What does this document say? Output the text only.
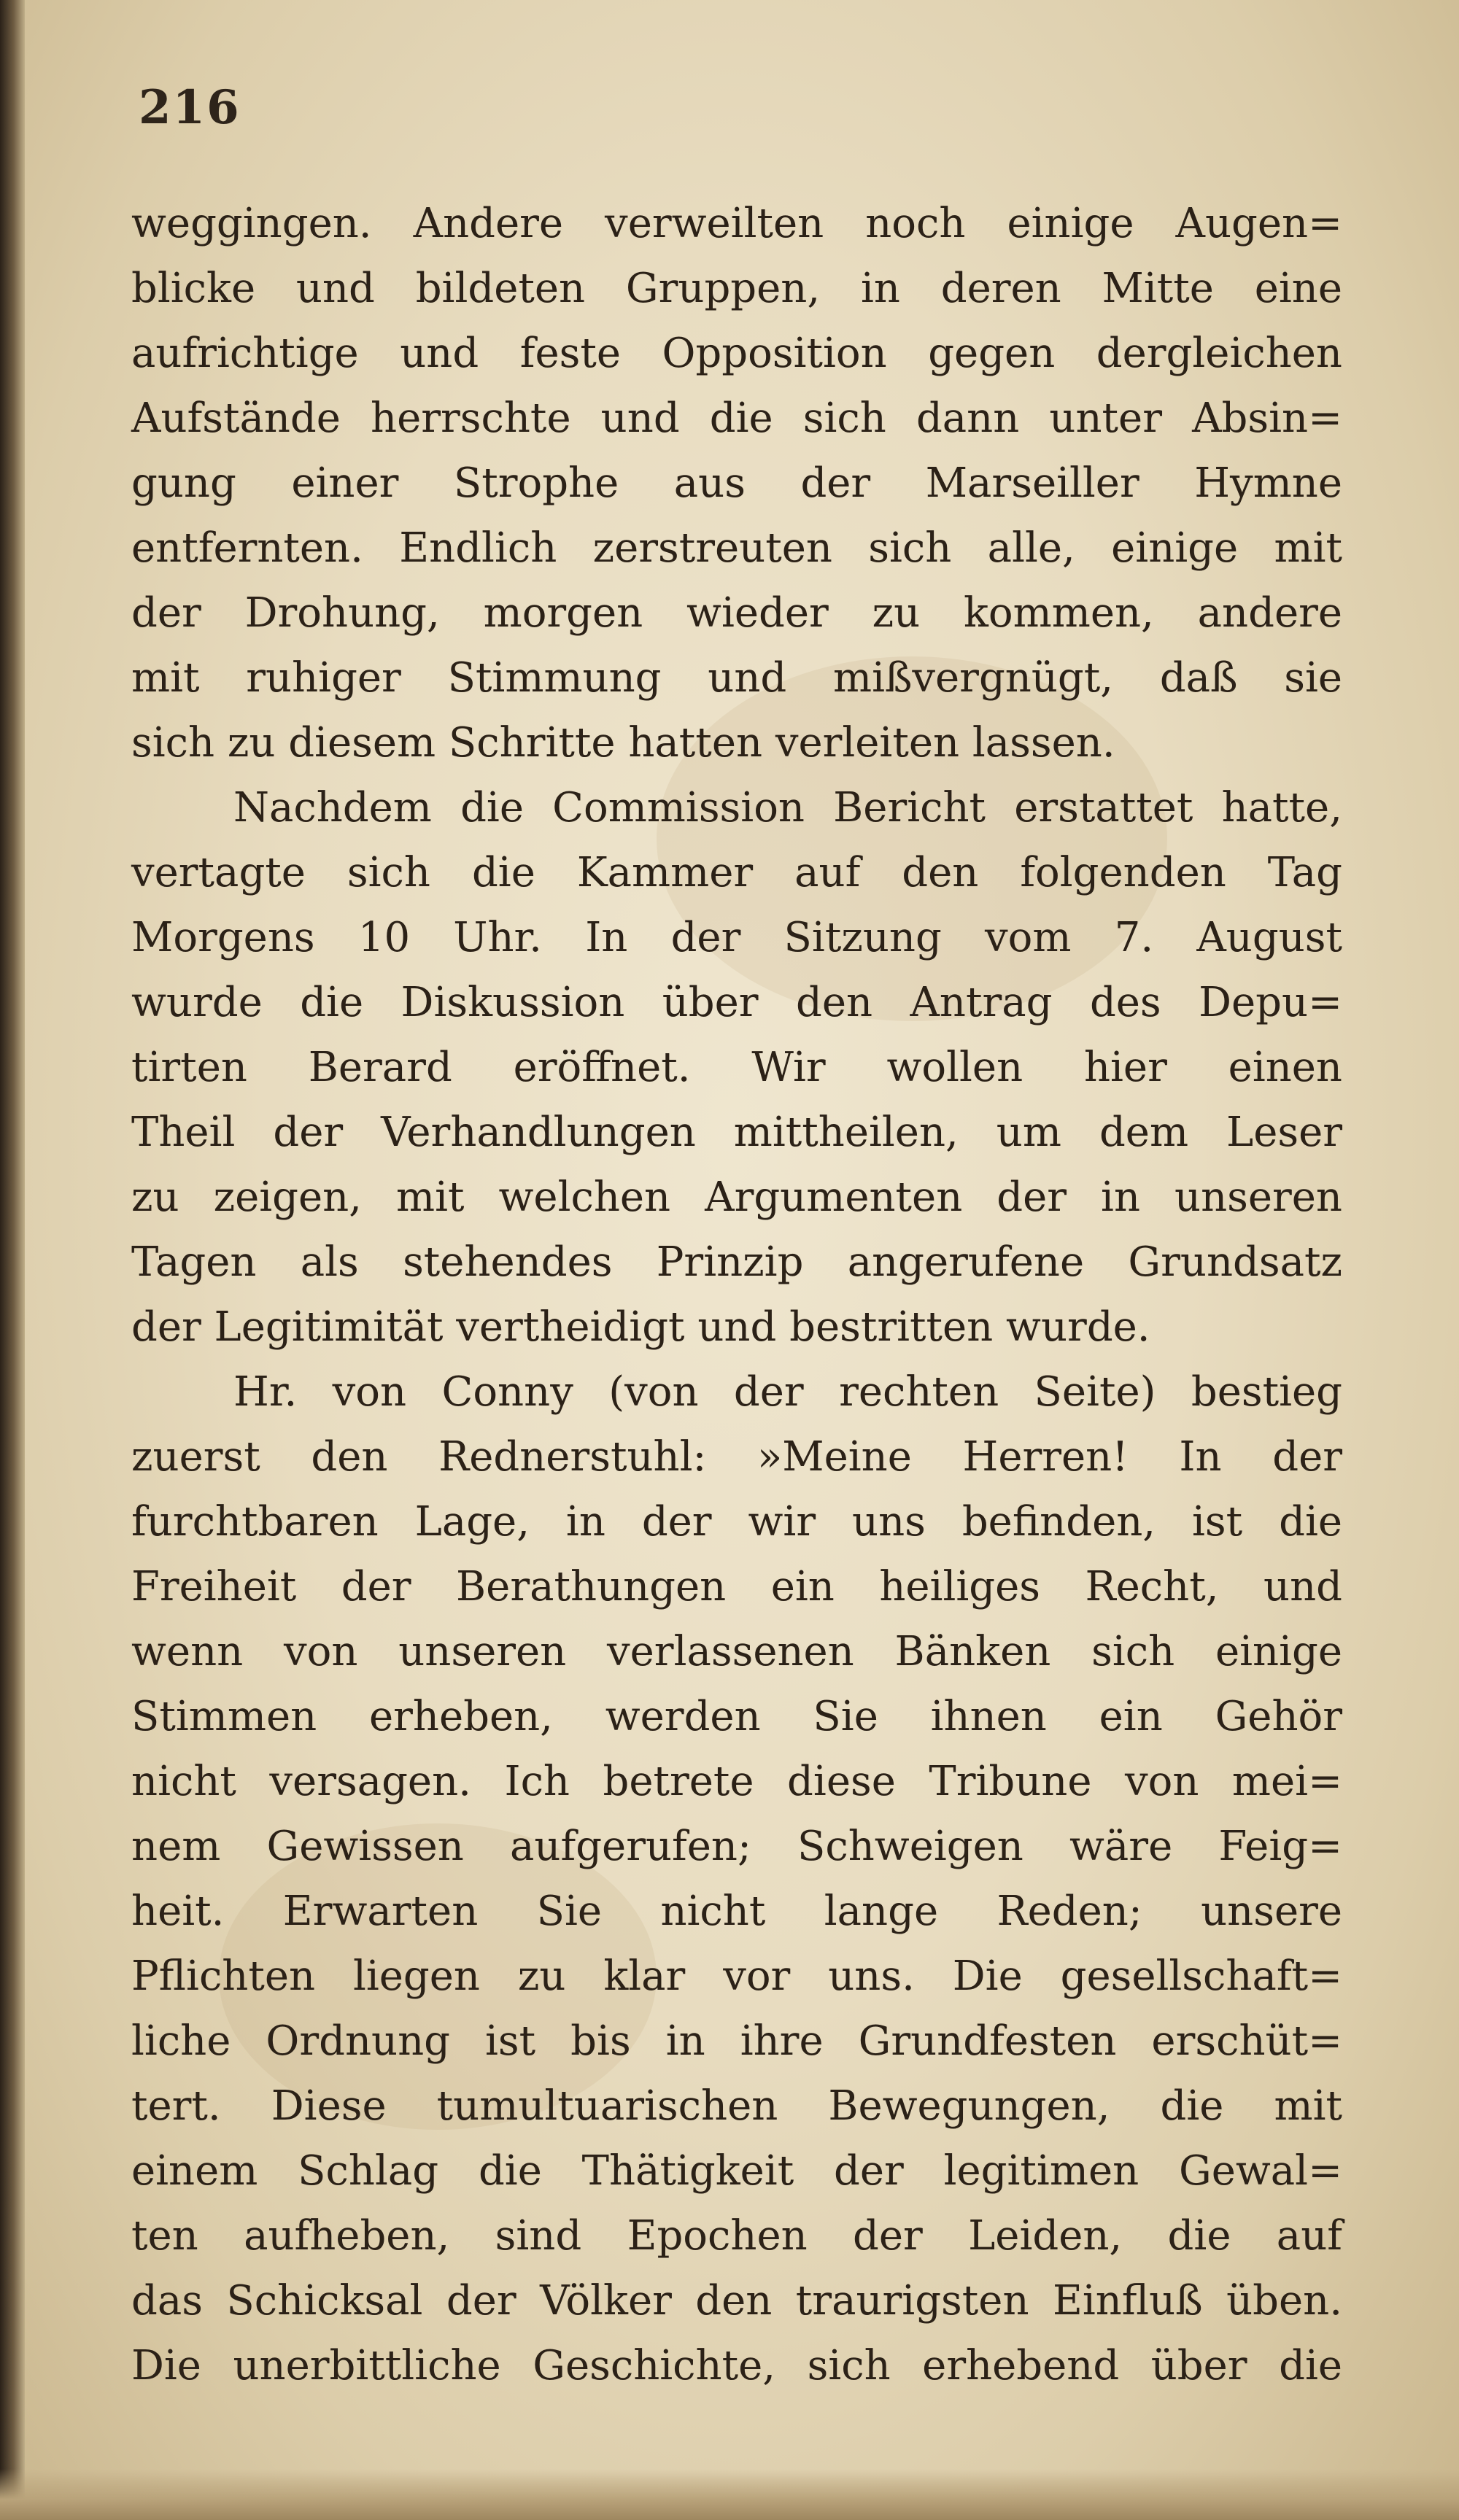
216
weggingen. Andere verweilten noch einige Augen=
blicke und bildeten Gruppen, in deren Mitte eine
aufrichtige und feste Opposition gegen dergleichen
Aufstände herrschte und die sich dann unter Absin=
gung einer Strophe aus der Marseiller Hymne
entfernten. Endlich zerstreuten sich alle, einige mit
der Drohung, morgen wieder zu kommen, andere
mit ruhiger Stimmung und mißvergnügt, daß sie
sich zu diesem Schritte hatten verleiten lassen.
Nachdem die Commission Bericht erstattet hatte,
vertagte sich die Kammer auf den folgenden Tag
Morgens 10 Uhr. In der Sitzung vom 7. August
wurde die Diskussion über den Antrag des Depu=
tirten Berard eröffnet. Wir wollen hier einen
Theil der Verhandlungen mittheilen, um dem Leser
zu zeigen, mit welchen Argumenten der in unseren
Tagen als stehendes Prinzip angerufene Grundsatz
der Legitimität vertheidigt und bestritten wurde.
Hr. von Conny (von der rechten Seite) bestieg
zuerst den Rednerstuhl: »Meine Herren! In der
furchtbaren Lage, in der wir uns befinden, ist die
Freiheit der Berathungen ein heiliges Recht, und
wenn von unseren verlassenen Bänken sich einige
Stimmen erheben, werden Sie ihnen ein Gehör
nicht versagen. Ich betrete diese Tribune von mei=
nem Gewissen aufgerufen; Schweigen wäre Feig=
heit. Erwarten Sie nicht lange Reden; unsere
Pflichten liegen zu klar vor uns. Die gesellschaft=
liche Ordnung ist bis in ihre Grundfesten erschüt=
tert. Diese tumultuarischen Bewegungen, die mit
einem Schlag die Thätigkeit der legitimen Gewal=
ten aufheben, sind Epochen der Leiden, die auf
das Schicksal der Völker den traurigsten Einfluß üben.
Die unerbittliche Geschichte, sich erhebend über die
